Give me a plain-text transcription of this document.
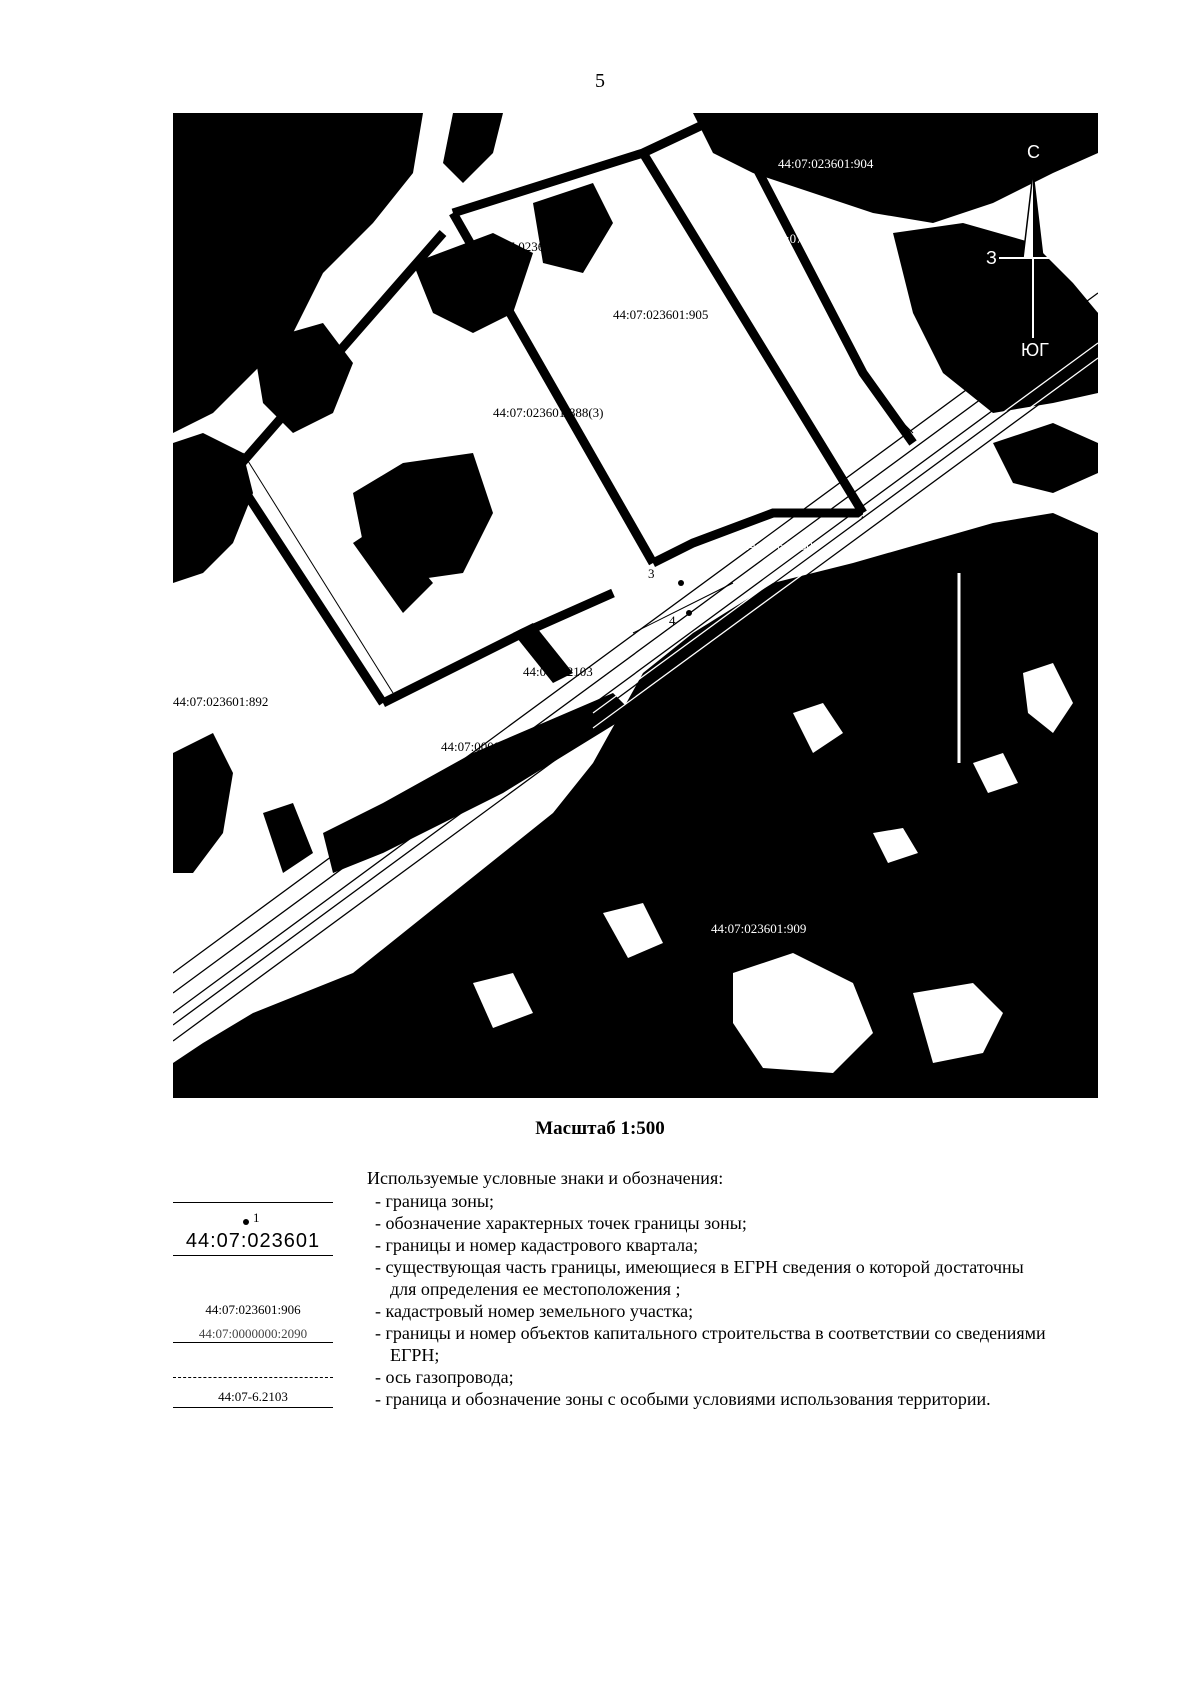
5
С
З	В
ЮГ
44:07:023601:904
44:07:023601:35
44:07:023601:4(35)
44:07:023601:905
44:07:023601:888(3)
44:07:023601:906
44:07:023601:892
44:07-6.3980
44:07-6.2103
44:07:000000:2090
44:07:023601:909
3
4
Масштаб 1:500
Используемые условные знаки и обозначения:
- граница зоны;
1	- обозначение характерных точек границы зоны;
44:07:023601	- границы и номер кадастрового квартала;
- существующая часть границы, имеющиеся в ЕГРН сведения о которой достаточны
для определения ее местоположения ;
44:07:023601:906	- кадастровый номер земельного участка;
44:07:0000000:2090	- границы и номер объектов капитального строительства в соответствии со сведениями
ЕГРН;
- ось газопровода;
44:07-6.2103	- граница и обозначение зоны с особыми условиями использования территории.
